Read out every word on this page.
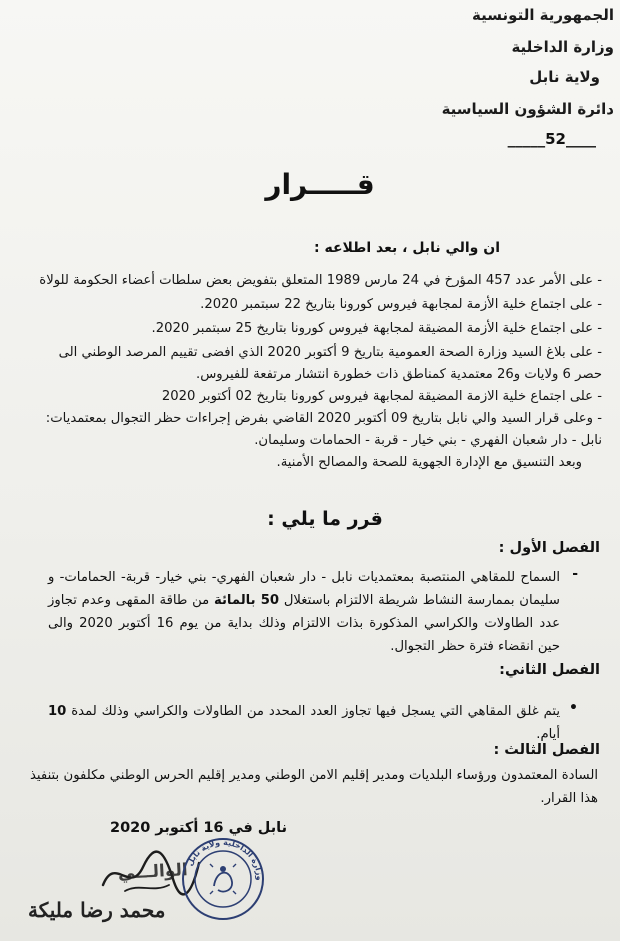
الجمهورية التونسية
وزارة الداخلية
ولاية نابل
دائرة الشؤون السياسية
_____52____
قـــــرار
ان والي نابل ، بعد اطلاعه :
- على الأمر عدد 457 المؤرخ في 24 مارس 1989 المتعلق بتفويض بعض سلطات أعضاء الحكومة للولاة
- على اجتماع خلية الأزمة لمجابهة فيروس كورونا بتاريخ 22 سبتمبر 2020.
- على اجتماع خلية الأزمة المضيقة لمجابهة فيروس كورونا بتاريخ 25 سبتمبر 2020.
- على بلاغ السيد وزارة الصحة العمومية بتاريخ 9 أكتوبر 2020 الذي افضى تقييم المرصد الوطني الى
حصر 6 ولايات و26 معتمدية كمناطق ذات خطورة انتشار مرتفعة للفيروس.
- على اجتماع خلية الازمة المضيقة لمجابهة فيروس كورونا بتاريخ 02 أكتوبر 2020
- وعلى قرار السيد والي نابل بتاريخ 09 أكتوبر 2020 القاضي بفرض إجراءات حظر التجوال بمعتمديات:
نابل - دار شعبان الفهري - بني خيار - قربة - الحمامات وسليمان.
وبعد التنسيق مع الإدارة الجهوية للصحة والمصالح الأمنية.
قرر ما يلي :
الفصل الأول :
-
السماح للمقاهي المنتصبة بمعتمديات نابل - دار شعبان الفهري- بني خيار- قربة- الحمامات- و سليمان بممارسة النشاط شريطة الالتزام باستغلال 50 بالمائة من طاقة المقهى وعدم تجاوز عدد الطاولات والكراسي المذكورة بذات الالتزام وذلك بداية من يوم 16 أكتوبر 2020 والى حين انقضاء فترة حظر التجوال.
الفصل الثاني:
•
يتم غلق المقاهي التي يسجل فيها تجاوز العدد المحدد من الطاولات والكراسي وذلك لمدة 10 أيام.
الفصل الثالث :
السادة المعتمدون ورؤساء البلديات ومدير إقليم الامن الوطني ومدير إقليم الحرس الوطني مكلفون بتنفيذ هذا القرار.
نابل في 16 أكتوبر 2020
الوالـــي
وزارة الداخلية ولاية نابل
محمد رضا مليكة
